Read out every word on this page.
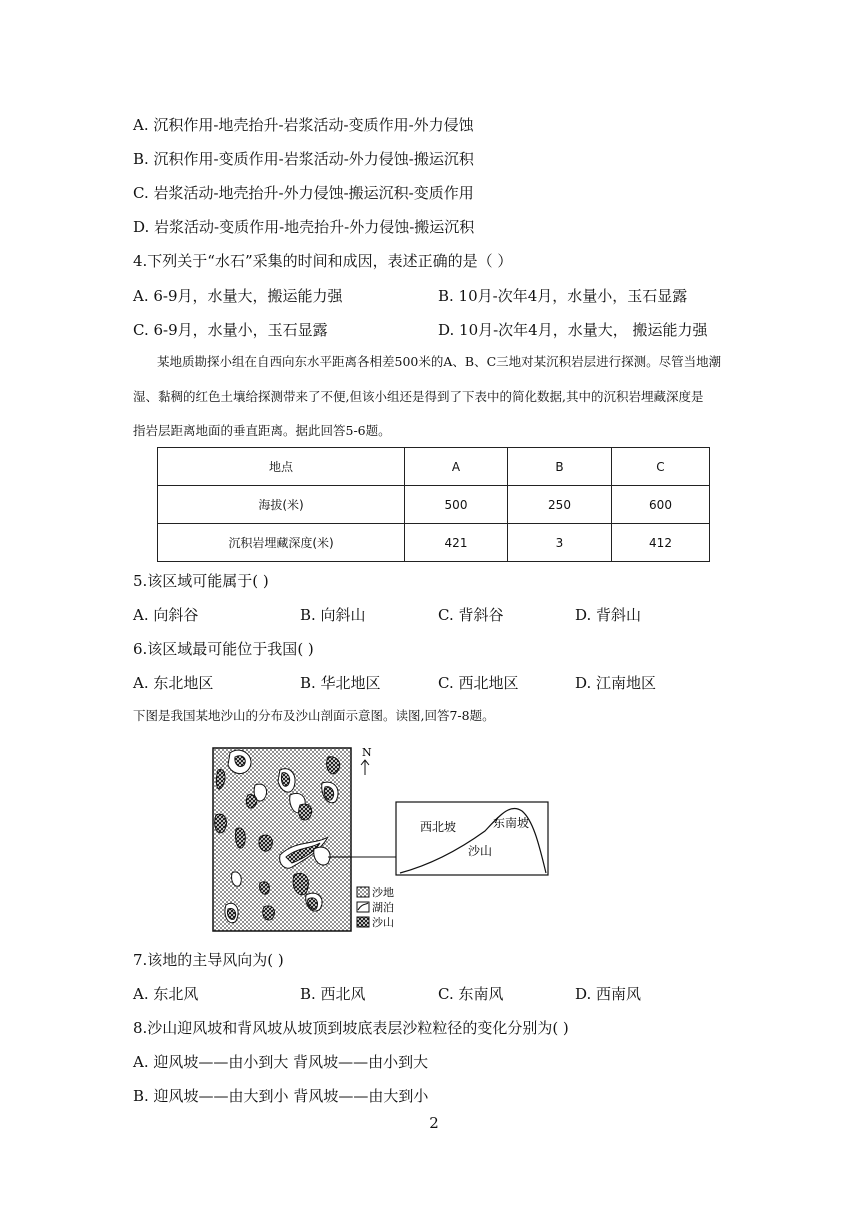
A. 沉积作用-地壳抬升-岩浆活动-变质作用-外力侵蚀
B. 沉积作用-变质作用-岩浆活动-外力侵蚀-搬运沉积
C. 岩浆活动-地壳抬升-外力侵蚀-搬运沉积-变质作用
D. 岩浆活动-变质作用-地壳抬升-外力侵蚀-搬运沉积
4.下列关于“水石”采集的时间和成因，表述正确的是（ ）
A. 6-9月，水量大，搬运能力强	B. 10月-次年4月，水量小，玉石显露
C. 6-9月，水量小，玉石显露	D. 10月-次年4月，水量大， 搬运能力强
某地质勘探小组在自西向东水平距离各相差500米的A、B、C三地对某沉积岩层进行探测。尽管当地潮
湿、黏稠的红色土壤给探测带来了不便,但该小组还是得到了下表中的简化数据,其中的沉积岩埋藏深度是
指岩层距离地面的垂直距离。据此回答5-6题。
地点	A	B	C
海拔(米)	500	250	600
沉积岩埋藏深度(米)	421	3	412
5.该区域可能属于( )
A. 向斜谷	B. 向斜山	C. 背斜谷	D. 背斜山
6.该区域最可能位于我国( )
A. 东北地区	B. 华北地区	C. 西北地区	D. 江南地区
下图是我国某地沙山的分布及沙山剖面示意图。读图,回答7-8题。
N
西北坡	东南坡
沙山
沙地
湖泊
沙山
7.该地的主导风向为( )
A. 东北风	B. 西北风	C. 东南风	D. 西南风
8.沙山迎风坡和背风坡从坡顶到坡底表层沙粒粒径的变化分别为( )
A. 迎风坡——由小到大 背风坡——由小到大
B. 迎风坡——由大到小 背风坡——由大到小
2
